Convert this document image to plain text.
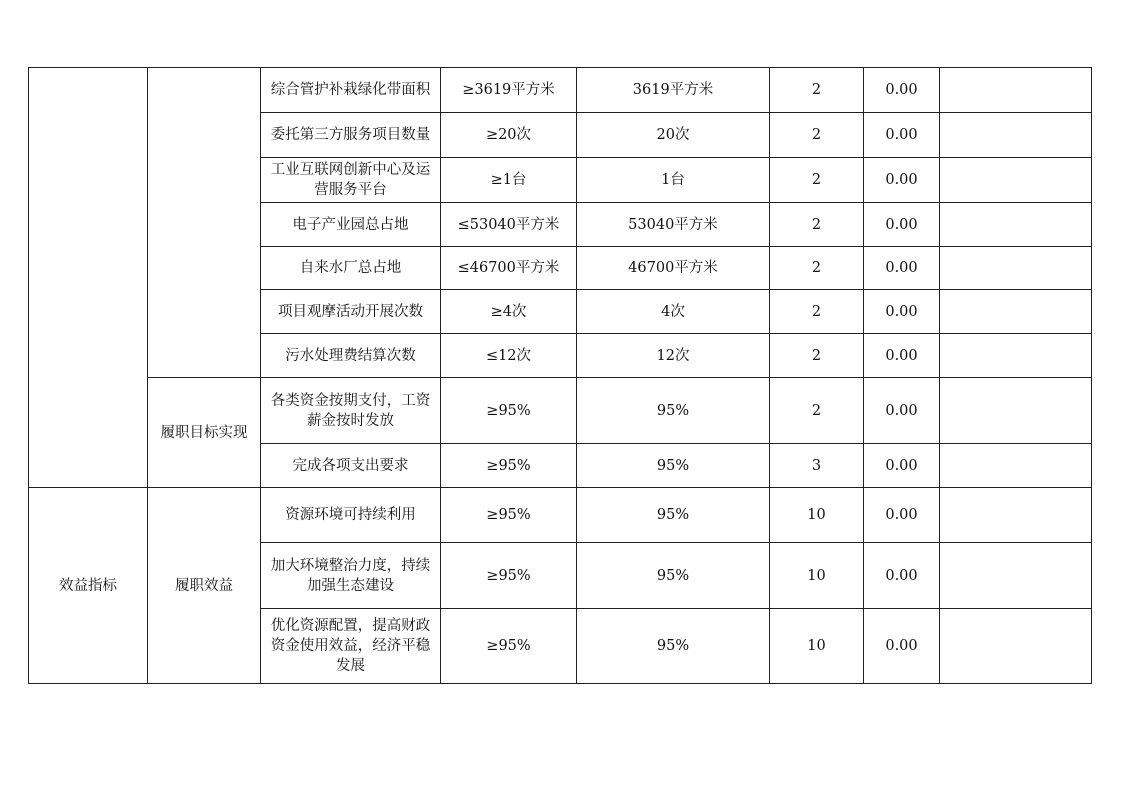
		综合管护补栽绿化带面积	≥3619平方米	3619平方米	2	0.00	
		委托第三方服务项目数量	≥20次	20次	2	0.00	
		工业互联网创新中心及运营服务平台	≥1台	1台	2	0.00	
		电子产业园总占地	≤53040平方米	53040平方米	2	0.00	
		自来水厂总占地	≤46700平方米	46700平方米	2	0.00	
		项目观摩活动开展次数	≥4次	4次	2	0.00	
		污水处理费结算次数	≤12次	12次	2	0.00	
	履职目标实现	各类资金按期支付，工资薪金按时发放	≥95%	95%	2	0.00	
		完成各项支出要求	≥95%	95%	3	0.00	
效益指标	履职效益	资源环境可持续利用	≥95%	95%	10	0.00	
		加大环境整治力度，持续加强生态建设	≥95%	95%	10	0.00	
		优化资源配置，提高财政资金使用效益，经济平稳发展	≥95%	95%	10	0.00	
